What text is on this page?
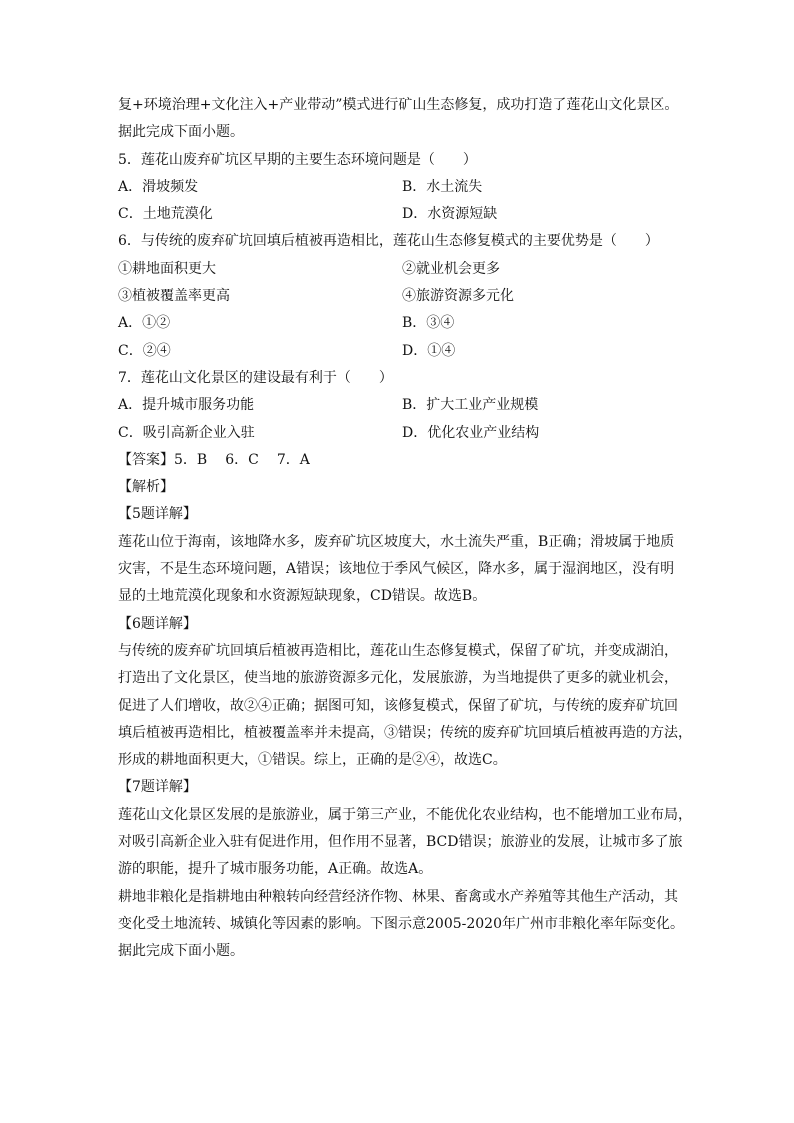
复+环境治理+文化注入+产业带动”模式进行矿山生态修复，成功打造了莲花山文化景区。
据此完成下面小题。
5．莲花山废弃矿坑区早期的主要生态环境问题是（　　）
A．滑坡频发	B．水土流失
C．土地荒漠化	D．水资源短缺
6．与传统的废弃矿坑回填后植被再造相比，莲花山生态修复模式的主要优势是（　　）
①耕地面积更大	②就业机会更多
③植被覆盖率更高	④旅游资源多元化
A．①②	B．③④
C．②④	D．①④
7．莲花山文化景区的建设最有利于（　　）
A．提升城市服务功能	B．扩大工业产业规模
C．吸引高新企业入驻	D．优化农业产业结构
【答案】5．B 6．C 7．A
【解析】
【5题详解】
莲花山位于海南，该地降水多，废弃矿坑区坡度大，水土流失严重，B正确；滑坡属于地质
灾害，不是生态环境问题，A错误；该地位于季风气候区，降水多，属于湿润地区，没有明
显的土地荒漠化现象和水资源短缺现象，CD错误。故选B。
【6题详解】
与传统的废弃矿坑回填后植被再造相比，莲花山生态修复模式，保留了矿坑，并变成湖泊，
打造出了文化景区，使当地的旅游资源多元化，发展旅游，为当地提供了更多的就业机会，
促进了人们增收，故②④正确；据图可知，该修复模式，保留了矿坑，与传统的废弃矿坑回
填后植被再造相比，植被覆盖率并未提高，③错误；传统的废弃矿坑回填后植被再造的方法，
形成的耕地面积更大，①错误。综上，正确的是②④，故选C。
【7题详解】
莲花山文化景区发展的是旅游业，属于第三产业，不能优化农业结构，也不能增加工业布局，
对吸引高新企业入驻有促进作用，但作用不显著，BCD错误；旅游业的发展，让城市多了旅
游的职能，提升了城市服务功能，A正确。故选A。
耕地非粮化是指耕地由种粮转向经营经济作物、林果、畜禽或水产养殖等其他生产活动，其
变化受土地流转、城镇化等因素的影响。下图示意2005-2020年广州市非粮化率年际变化。
据此完成下面小题。
